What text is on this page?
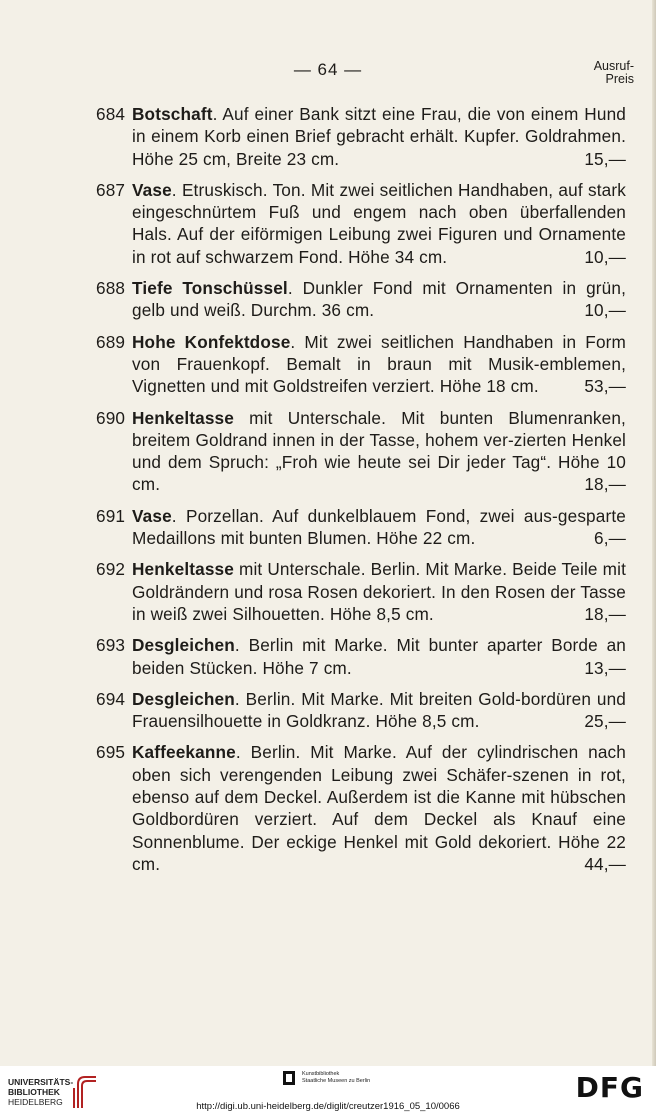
— 64 —	Ausruf-
Preis
684 Botschaft. Auf einer Bank sitzt eine Frau, die von einem Hund in einem Korb einen Brief gebracht erhält. Kupfer. Goldrahmen. Höhe 25 cm, Breite 23 cm.	15,—
687 Vase. Etruskisch. Ton. Mit zwei seitlichen Handhaben, auf stark eingeschnürtem Fuß und engem nach oben überfallenden Hals. Auf der eiförmigen Leibung zwei Figuren und Ornamente in rot auf schwarzem Fond. Höhe 34 cm.	10,—
688 Tiefe Tonschüssel. Dunkler Fond mit Ornamenten in grün, gelb und weiß. Durchm. 36 cm.	10,—
689 Hohe Konfektdose. Mit zwei seitlichen Handhaben in Form von Frauenkopf. Bemalt in braun mit Musik-emblemen, Vignetten und mit Goldstreifen verziert. Höhe 18 cm.	53,—
690 Henkeltasse mit Unterschale. Mit bunten Blumenranken, breitem Goldrand innen in der Tasse, hohem ver-zierten Henkel und dem Spruch: „Froh wie heute sei Dir jeder Tag“. Höhe 10 cm.	18,—
691 Vase. Porzellan. Auf dunkelblauem Fond, zwei aus-gesparte Medaillons mit bunten Blumen. Höhe 22 cm.	6,—
692 Henkeltasse mit Unterschale. Berlin. Mit Marke. Beide Teile mit Goldrändern und rosa Rosen dekoriert. In den Rosen der Tasse in weiß zwei Silhouetten. Höhe 8,5 cm.	18,—
693 Desgleichen. Berlin mit Marke. Mit bunter aparter Borde an beiden Stücken. Höhe 7 cm.	13,—
694 Desgleichen. Berlin. Mit Marke. Mit breiten Gold-bordüren und Frauensilhouette in Goldkranz. Höhe 8,5 cm.	25,—
695 Kaffeekanne. Berlin. Mit Marke. Auf der cylindrischen nach oben sich verengenden Leibung zwei Schäfer-szenen in rot, ebenso auf dem Deckel. Außerdem ist die Kanne mit hübschen Goldbordüren verziert. Auf dem Deckel als Knauf eine Sonnenblume. Der eckige Henkel mit Gold dekoriert. Höhe 22 cm.	44,—
UNIVERSITÄTS-
BIBLIOTHEK
HEIDELBERG
Kunstbibliothek
Staatliche Museen zu Berlin
http://digi.ub.uni-heidelberg.de/diglit/creutzer1916_05_10/0066
DFG
